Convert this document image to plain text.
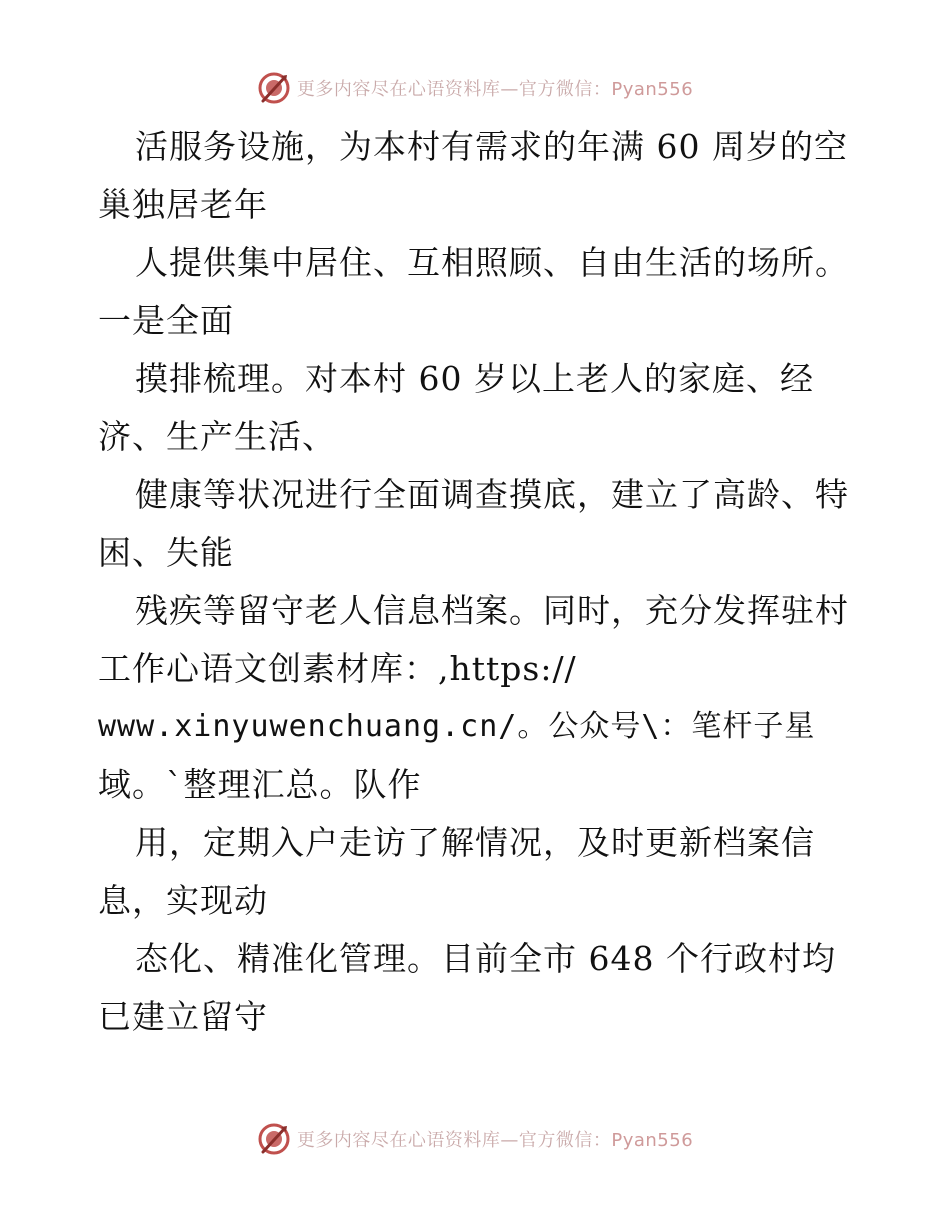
更多内容尽在心语资料库—官方微信：Pyan556
活服务设施，为本村有需求的年满 60 周岁的空
巢独居老年
人提供集中居住、互相照顾、自由生活的场所。
一是全面
摸排梳理。对本村 60 岁以上老人的家庭、经
济、生产生活、
健康等状况进行全面调查摸底，建立了高龄、特
困、失能
残疾等留守老人信息档案。同时，充分发挥驻村
工作心语文创素材库：,https://
www.xinyuwenchuang.cn/。公众号\：笔杆子星
域。`整理汇总。队作
用，定期入户走访了解情况，及时更新档案信
息，实现动
态化、精准化管理。目前全市 648 个行政村均
已建立留守
更多内容尽在心语资料库—官方微信：Pyan556
